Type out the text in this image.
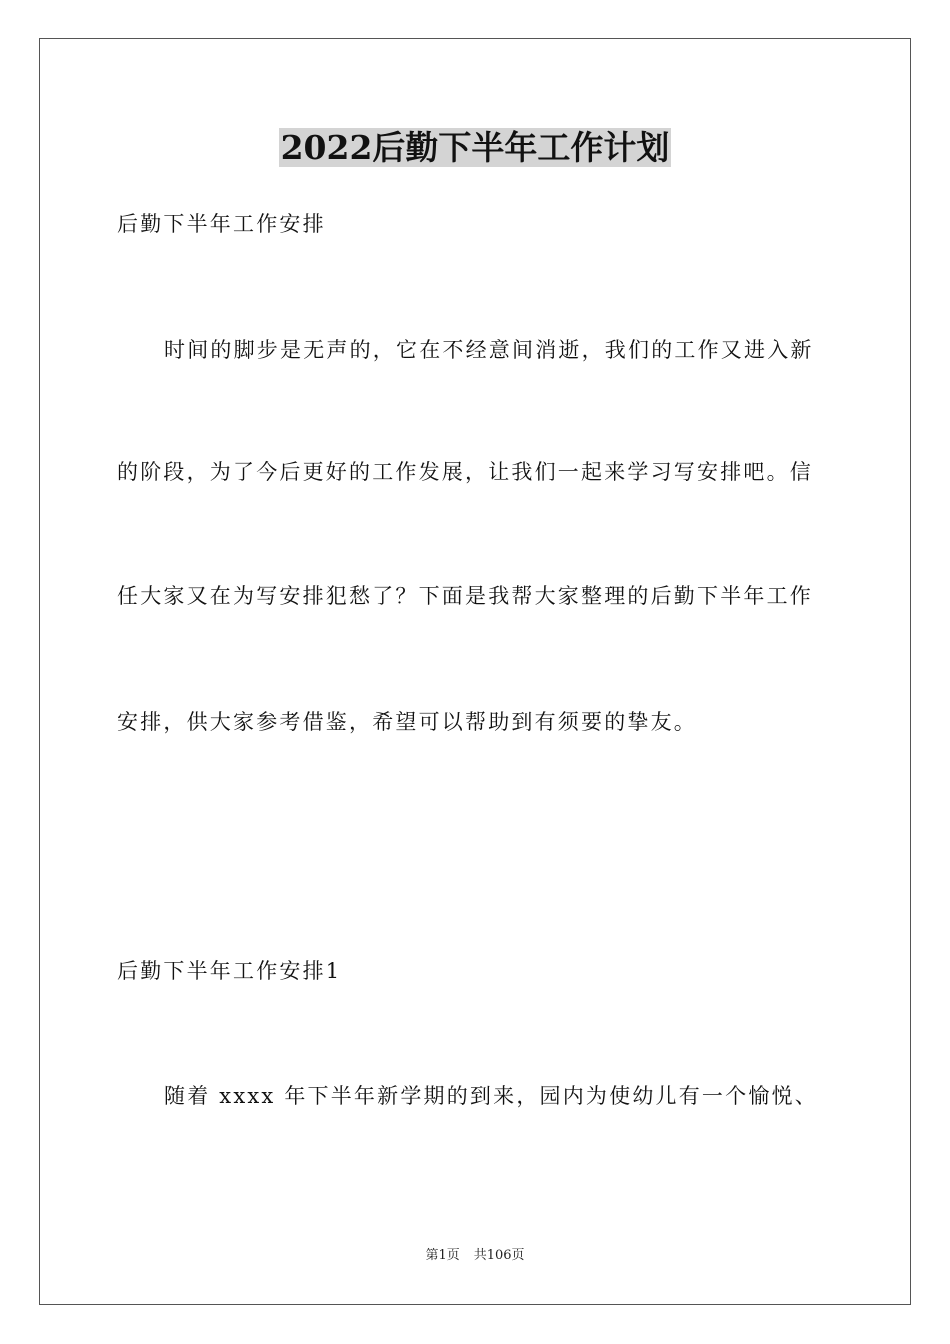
2022后勤下半年工作计划

后勤下半年工作安排

时间的脚步是无声的，它在不经意间消逝，我们的工作又进入新

的阶段，为了今后更好的工作发展，让我们一起来学习写安排吧。信

任大家又在为写安排犯愁了？下面是我帮大家整理的后勤下半年工作

安排，供大家参考借鉴，希望可以帮助到有须要的挚友。

后勤下半年工作安排1

随着 xxxx 年下半年新学期的到来，园内为使幼儿有一个愉悦、

第1页 共106页
